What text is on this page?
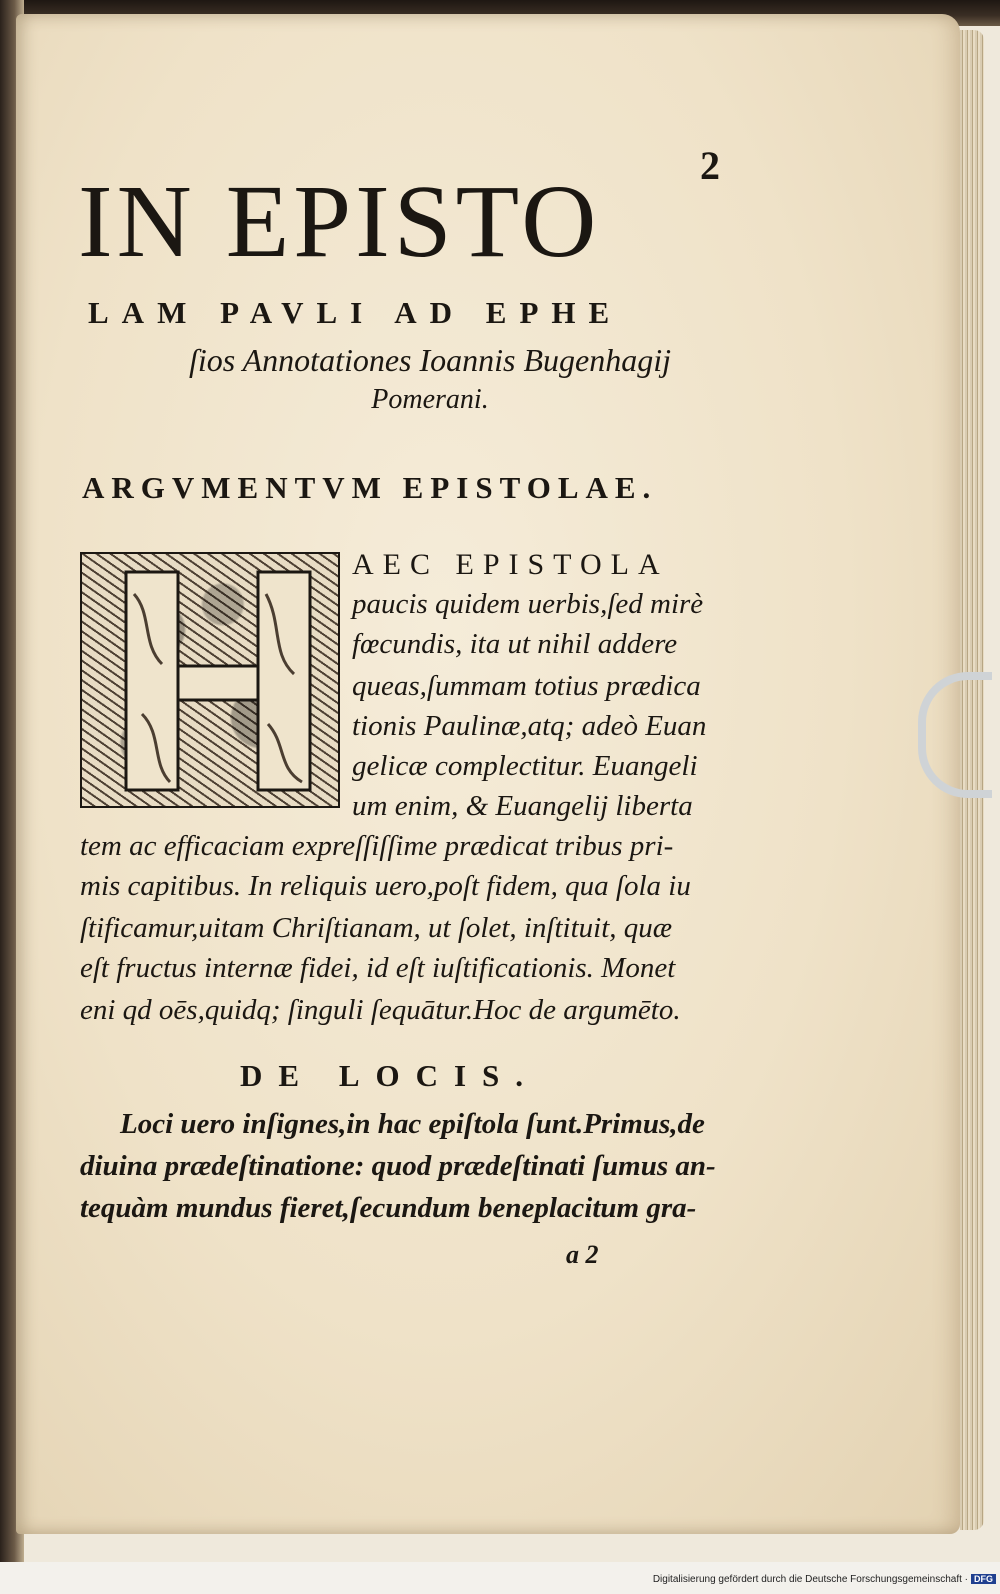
2
IN EPISTO
LAM PAVLI AD EPHE
ſios Annotationes Ioannis Bugenhagij
Pomerani.
ARGVMENTVM EPISTOLAE.
AEC EPISTOLA
paucis quidem uerbis,ſed mirè
fœcundis, ita ut nihil addere
queas,ſummam totius prædica
tionis Paulinæ,atq; adeò Euan
gelicæ complectitur. Euangeli
um enim, & Euangelij liberta
tem ac efficaciam expreſſiſſime prædicat tribus pri-
mis capitibus. In reliquis uero,poſt fidem, qua ſola iu
ſtificamur,uitam Chriſtianam, ut ſolet, inſtituit, quæ
eſt fructus internæ fidei, id eſt iuſtificationis. Monet
eni qd oēs,quidq; ſinguli ſequātur.Hoc de argumēto.
DE LOCIS.
Loci uero inſignes,in hac epiſtola ſunt.Primus,de
diuina prædeſtinatione: quod prædeſtinati ſumus an-
tequàm mundus fieret,ſecundum beneplacitum gra-
a 2
Digitalisierung gefördert durch die Deutsche Forschungsgemeinschaft · DFG
